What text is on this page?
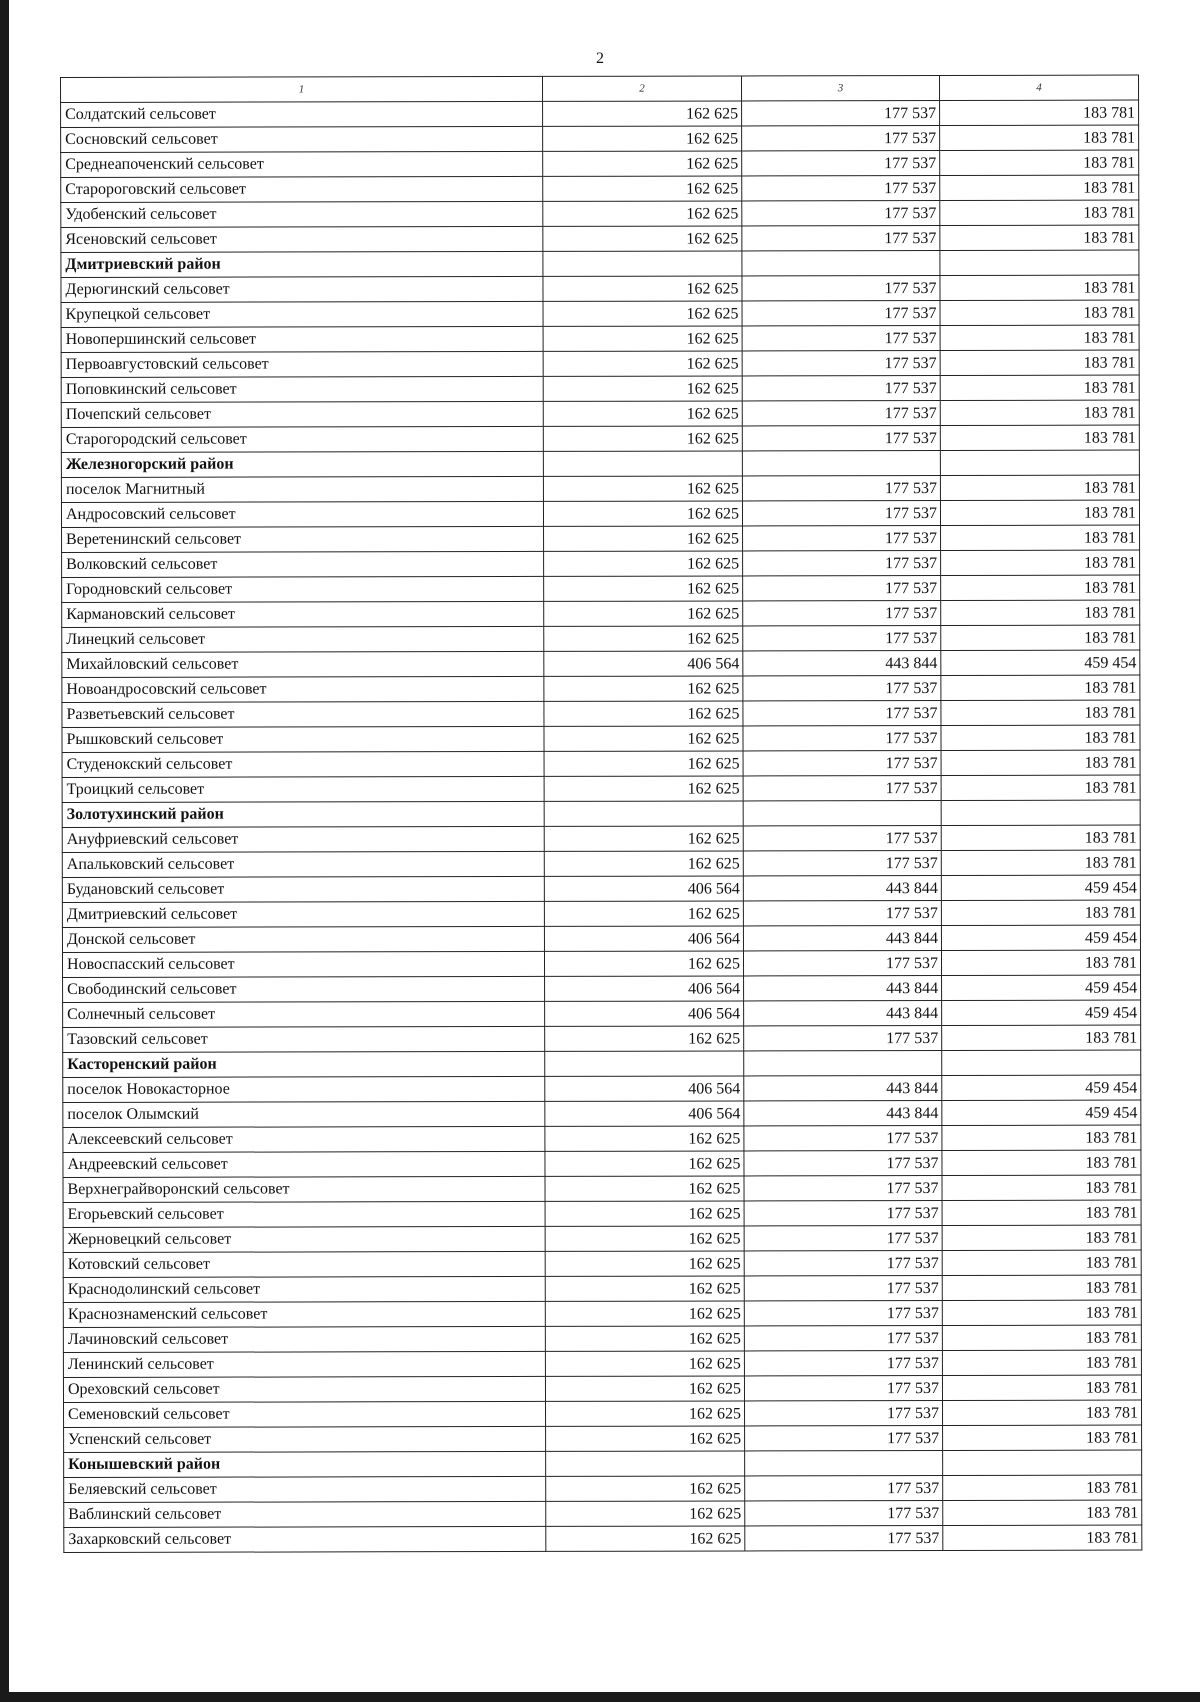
2
1	2	3	4
Солдатский сельсовет	162 625	177 537	183 781
Сосновский сельсовет	162 625	177 537	183 781
Среднеапоченский сельсовет	162 625	177 537	183 781
Старороговский сельсовет	162 625	177 537	183 781
Удобенский сельсовет	162 625	177 537	183 781
Ясеновский сельсовет	162 625	177 537	183 781
Дмитриевский район			
Дерюгинский сельсовет	162 625	177 537	183 781
Крупецкой сельсовет	162 625	177 537	183 781
Новопершинский сельсовет	162 625	177 537	183 781
Первоавгустовский сельсовет	162 625	177 537	183 781
Поповкинский сельсовет	162 625	177 537	183 781
Почепский сельсовет	162 625	177 537	183 781
Старогородский сельсовет	162 625	177 537	183 781
Железногорский район			
поселок Магнитный	162 625	177 537	183 781
Андросовский сельсовет	162 625	177 537	183 781
Веретенинский сельсовет	162 625	177 537	183 781
Волковский сельсовет	162 625	177 537	183 781
Городновский сельсовет	162 625	177 537	183 781
Кармановский сельсовет	162 625	177 537	183 781
Линецкий сельсовет	162 625	177 537	183 781
Михайловский сельсовет	406 564	443 844	459 454
Новоандросовский сельсовет	162 625	177 537	183 781
Разветьевский сельсовет	162 625	177 537	183 781
Рышковский сельсовет	162 625	177 537	183 781
Студенокский сельсовет	162 625	177 537	183 781
Троицкий сельсовет	162 625	177 537	183 781
Золотухинский район			
Ануфриевский сельсовет	162 625	177 537	183 781
Апальковский сельсовет	162 625	177 537	183 781
Будановский сельсовет	406 564	443 844	459 454
Дмитриевский сельсовет	162 625	177 537	183 781
Донской сельсовет	406 564	443 844	459 454
Новоспасский сельсовет	162 625	177 537	183 781
Свободинский сельсовет	406 564	443 844	459 454
Солнечный сельсовет	406 564	443 844	459 454
Тазовский сельсовет	162 625	177 537	183 781
Касторенский район			
поселок Новокасторное	406 564	443 844	459 454
поселок Олымский	406 564	443 844	459 454
Алексеевский сельсовет	162 625	177 537	183 781
Андреевский сельсовет	162 625	177 537	183 781
Верхнеграйворонский сельсовет	162 625	177 537	183 781
Егорьевский сельсовет	162 625	177 537	183 781
Жерновецкий сельсовет	162 625	177 537	183 781
Котовский сельсовет	162 625	177 537	183 781
Краснодолинский сельсовет	162 625	177 537	183 781
Краснознаменский сельсовет	162 625	177 537	183 781
Лачиновский сельсовет	162 625	177 537	183 781
Ленинский сельсовет	162 625	177 537	183 781
Ореховский сельсовет	162 625	177 537	183 781
Семеновский сельсовет	162 625	177 537	183 781
Успенский сельсовет	162 625	177 537	183 781
Конышевский район			
Беляевский сельсовет	162 625	177 537	183 781
Ваблинский сельсовет	162 625	177 537	183 781
Захарковский сельсовет	162 625	177 537	183 781
